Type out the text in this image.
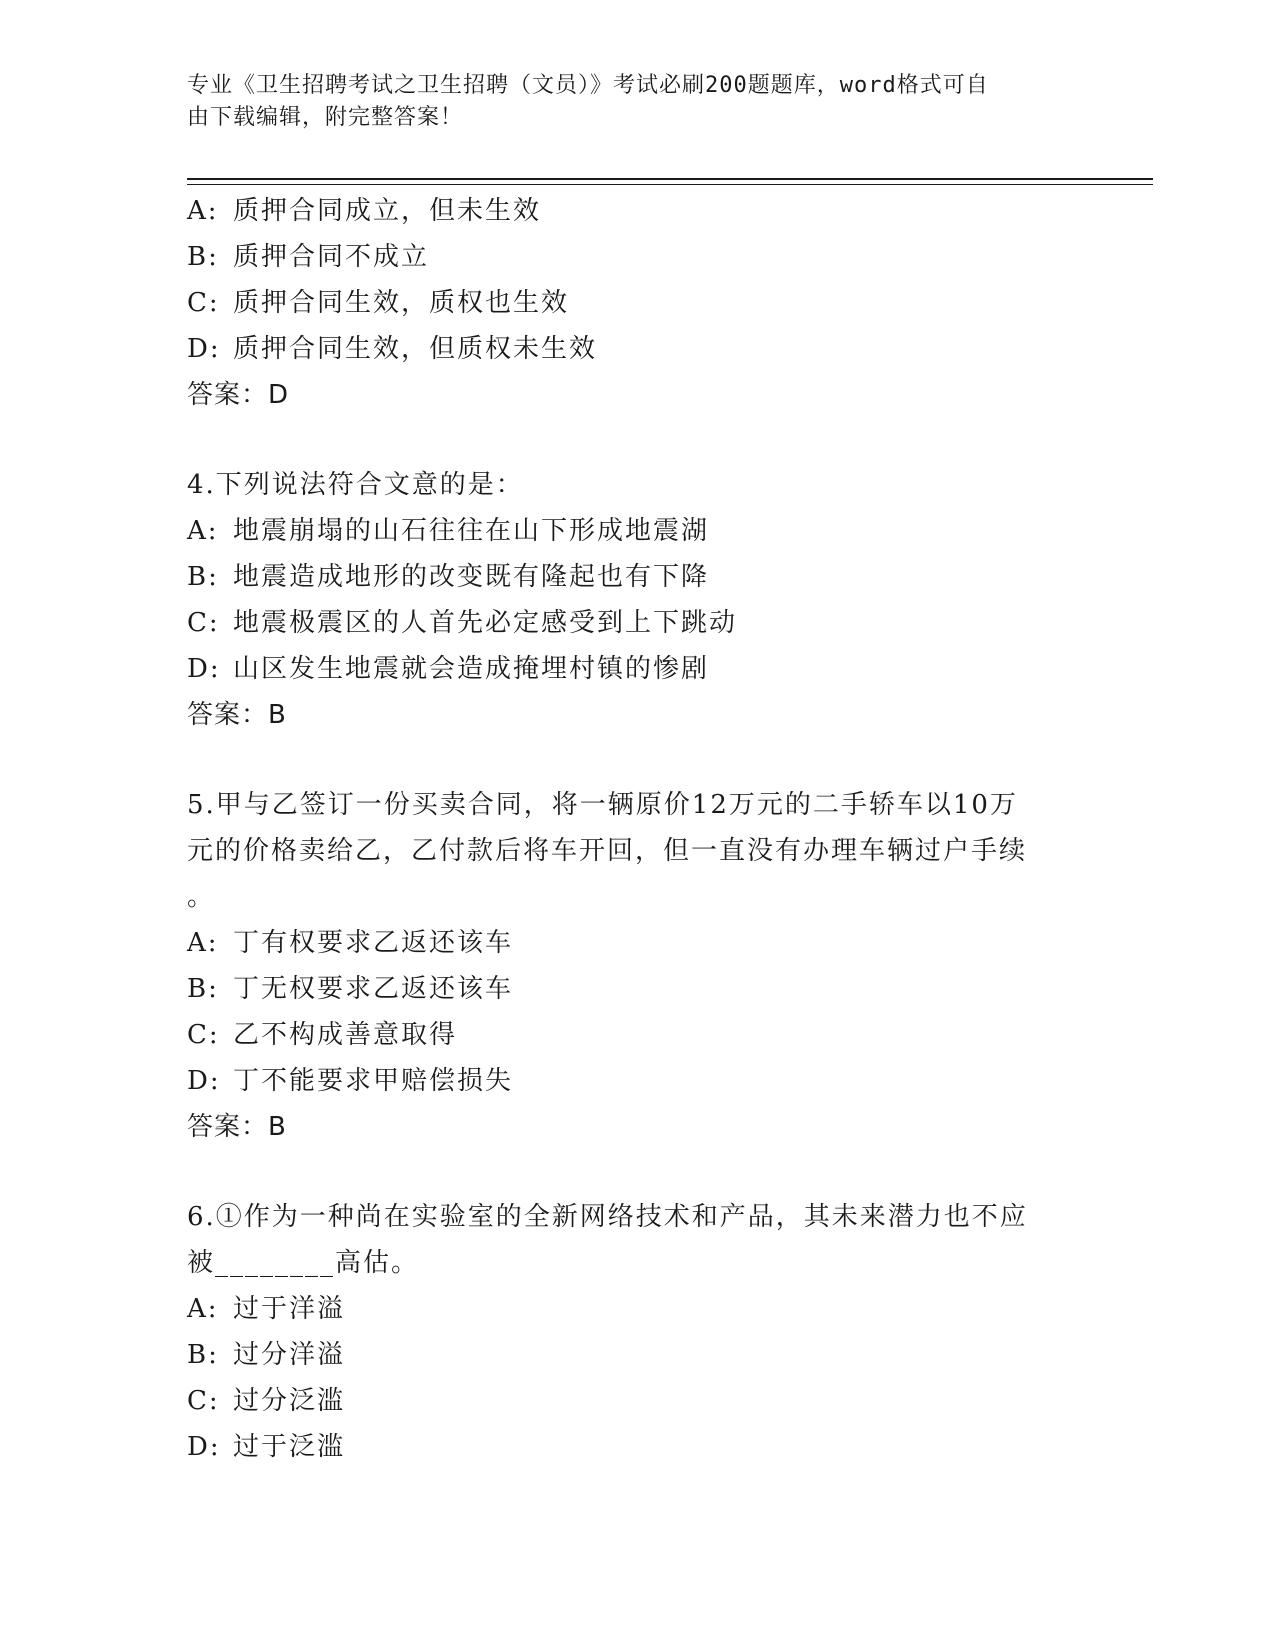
专业《卫生招聘考试之卫生招聘（文员）》考试必刷200题题库，word格式可自
由下载编辑，附完整答案！
A: 质押合同成立，但未生效
B: 质押合同不成立
C: 质押合同生效，质权也生效
D: 质押合同生效，但质权未生效
答案：D
4.下列说法符合文意的是：
A: 地震崩塌的山石往往在山下形成地震湖
B: 地震造成地形的改变既有隆起也有下降
C: 地震极震区的人首先必定感受到上下跳动
D: 山区发生地震就会造成掩埋村镇的惨剧
答案：B
5.甲与乙签订一份买卖合同，将一辆原价12万元的二手轿车以10万
元的价格卖给乙，乙付款后将车开回，但一直没有办理车辆过户手续
。
A: 丁有权要求乙返还该车
B: 丁无权要求乙返还该车
C: 乙不构成善意取得
D: 丁不能要求甲赔偿损失
答案：B
6.①作为一种尚在实验室的全新网络技术和产品，其未来潜力也不应
被________高估。
A: 过于洋溢
B: 过分洋溢
C: 过分泛滥
D: 过于泛滥
